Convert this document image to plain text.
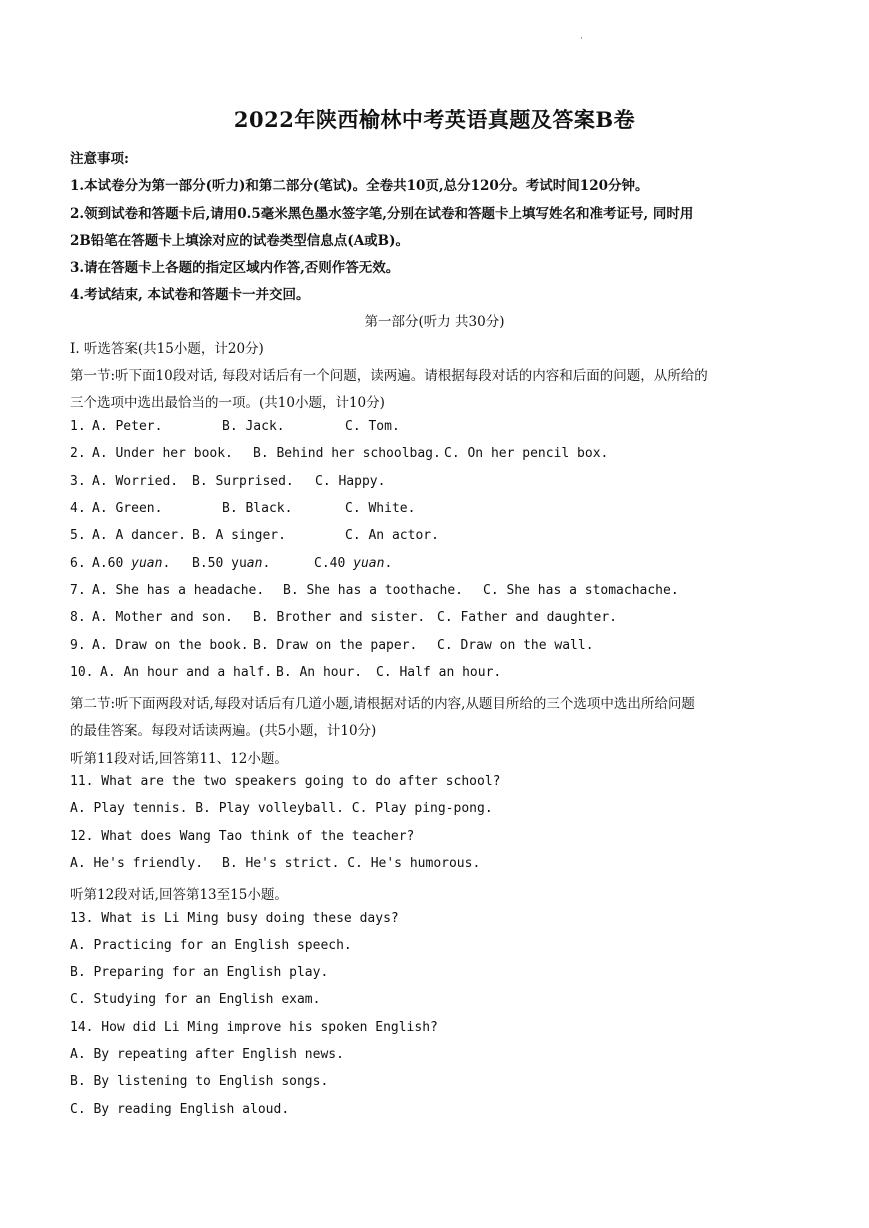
·
2022年陕西榆林中考英语真题及答案B卷
注意事项:
1.本试卷分为第一部分(听力)和第二部分(笔试)。全卷共10页,总分120分。考试时间120分钟。
2.领到试卷和答题卡后,请用0.5毫米黑色墨水签字笔,分别在试卷和答题卡上填写姓名和准考证号, 同时用
2B铅笔在答题卡上填涂对应的试卷类型信息点(A或B)。
3.请在答题卡上各题的指定区域内作答,否则作答无效。
4.考试结束, 本试卷和答题卡一并交回。
第一部分(听力 共30分)
I. 听选答案(共15小题，计20分)
第一节:听下面10段对话, 每段对话后有一个问题，读两遍。请根据每段对话的内容和后面的问题，从所给的
三个选项中选出最恰当的一项。(共10小题，计10分)
1. A. Peter.	B. Jack.	C. Tom.
2. A. Under her book. B. Behind her schoolbag. C. On her pencil box.
3. A. Worried. B. Surprised. C. Happy.
4. A. Green.	B. Black.	C. White.
5. A. A dancer. B. A singer.	C. An actor.
6. A.60 yuan. B.50 yuan.	C.40 yuan.
7. A. She has a headache. B. She has a toothache. C. She has a stomachache.
8. A. Mother and son. B. Brother and sister. C. Father and daughter.
9. A. Draw on the book. B. Draw on the paper. C. Draw on the wall.
10. A. An hour and a half. B. An hour. C. Half an hour.
第二节:听下面两段对话,每段对话后有几道小题,请根据对话的内容,从题目所给的三个选项中选出所给问题
的最佳答案。每段对话读两遍。(共5小题，计10分)
听第11段对话,回答第11、12小题。
11. What are the two speakers going to do after school?
A. Play tennis. B. Play volleyball. C. Play ping-pong.
12. What does Wang Tao think of the teacher?
A. He's friendly. B. He's strict. C. He's humorous.
听第12段对话,回答第13至15小题。
13. What is Li Ming busy doing these days?
A. Practicing for an English speech.
B. Preparing for an English play.
C. Studying for an English exam.
14. How did Li Ming improve his spoken English?
A. By repeating after English news.
B. By listening to English songs.
C. By reading English aloud.
